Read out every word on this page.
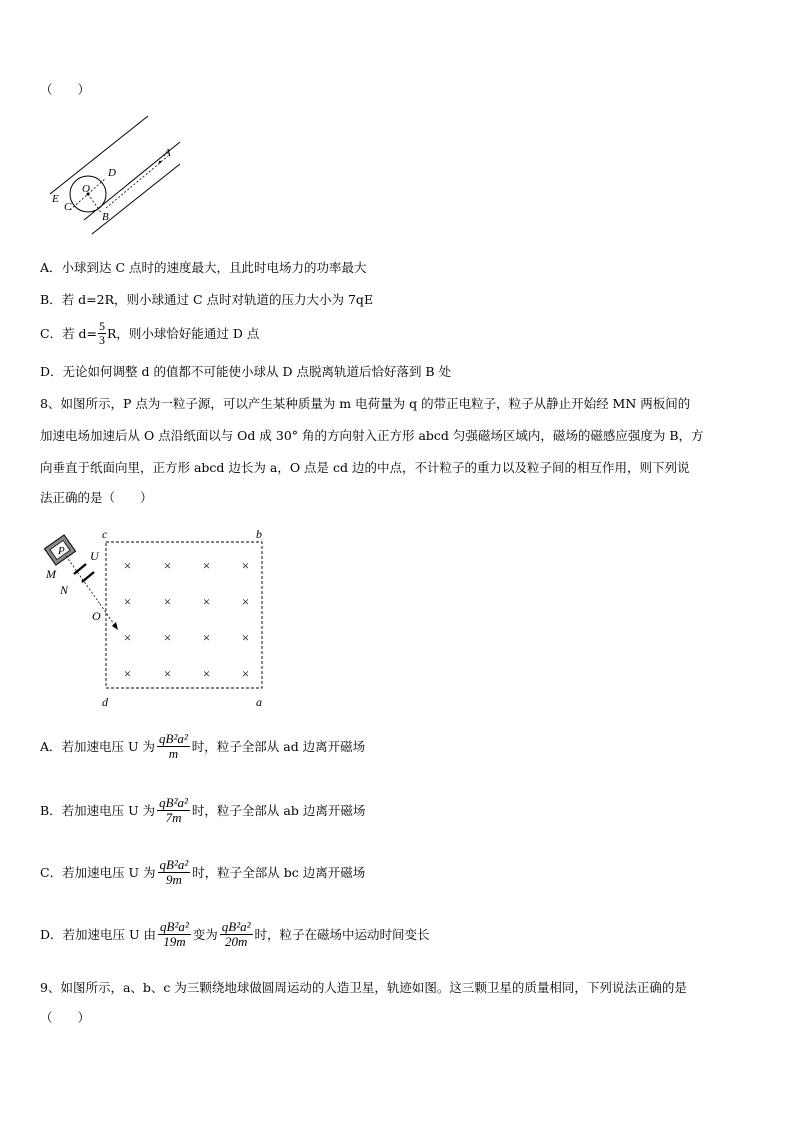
（　　）
A
B
C
D
E
O
A．小球到达 C 点时的速度最大，且此时电场力的功率最大
B．若 d=2R，则小球通过 C 点时对轨道的压力大小为 7qE
C．若 $d= \frac{5}{3}$ R，则小球恰好能通过 D 点
D．无论如何调整 d 的值都不可能使小球从 D 点脱离轨道后恰好落到 B 处
8、如图所示，P 点为一粒子源，可以产生某种质量为 m 电荷量为 q 的带正电粒子，粒子从静止开始经 MN 两板间的
加速电场加速后从 O 点沿纸面以与 Od 成 30° 角的方向射入正方形 abcd 匀强磁场区域内，磁场的磁感应强度为 B，方
向垂直于纸面向里，正方形 abcd 边长为 a，O 点是 cd 边的中点，不计粒子的重力以及粒子间的相互作用，则下列说
法正确的是（　　）
× × × ×
× × × ×
× × × ×
× × × ×
c	b
d	a
P U
M
N
O
A．若加速电压 U 为 $\frac{\text{qB²a²}}{m}$ 时，粒子全部从 ad 边离开磁场
B．若加速电压 U 为 $\frac{\text{qB²a²}}{7m}$ 时，粒子全部从 ab 边离开磁场
C．若加速电压 U 为 $\frac{\text{qB²a²}}{9m}$ 时，粒子全部从 bc 边离开磁场
D．若加速电压 U 由 $\frac{\text{qB²a²}}{19m}$ 变为 $\frac{\text{qB²a²}}{20m}$ 时，粒子在磁场中运动时间变长
9、如图所示，a、b、c 为三颗绕地球做圆周运动的人造卫星，轨迹如图。这三颗卫星的质量相同，下列说法正确的是
（　　）
